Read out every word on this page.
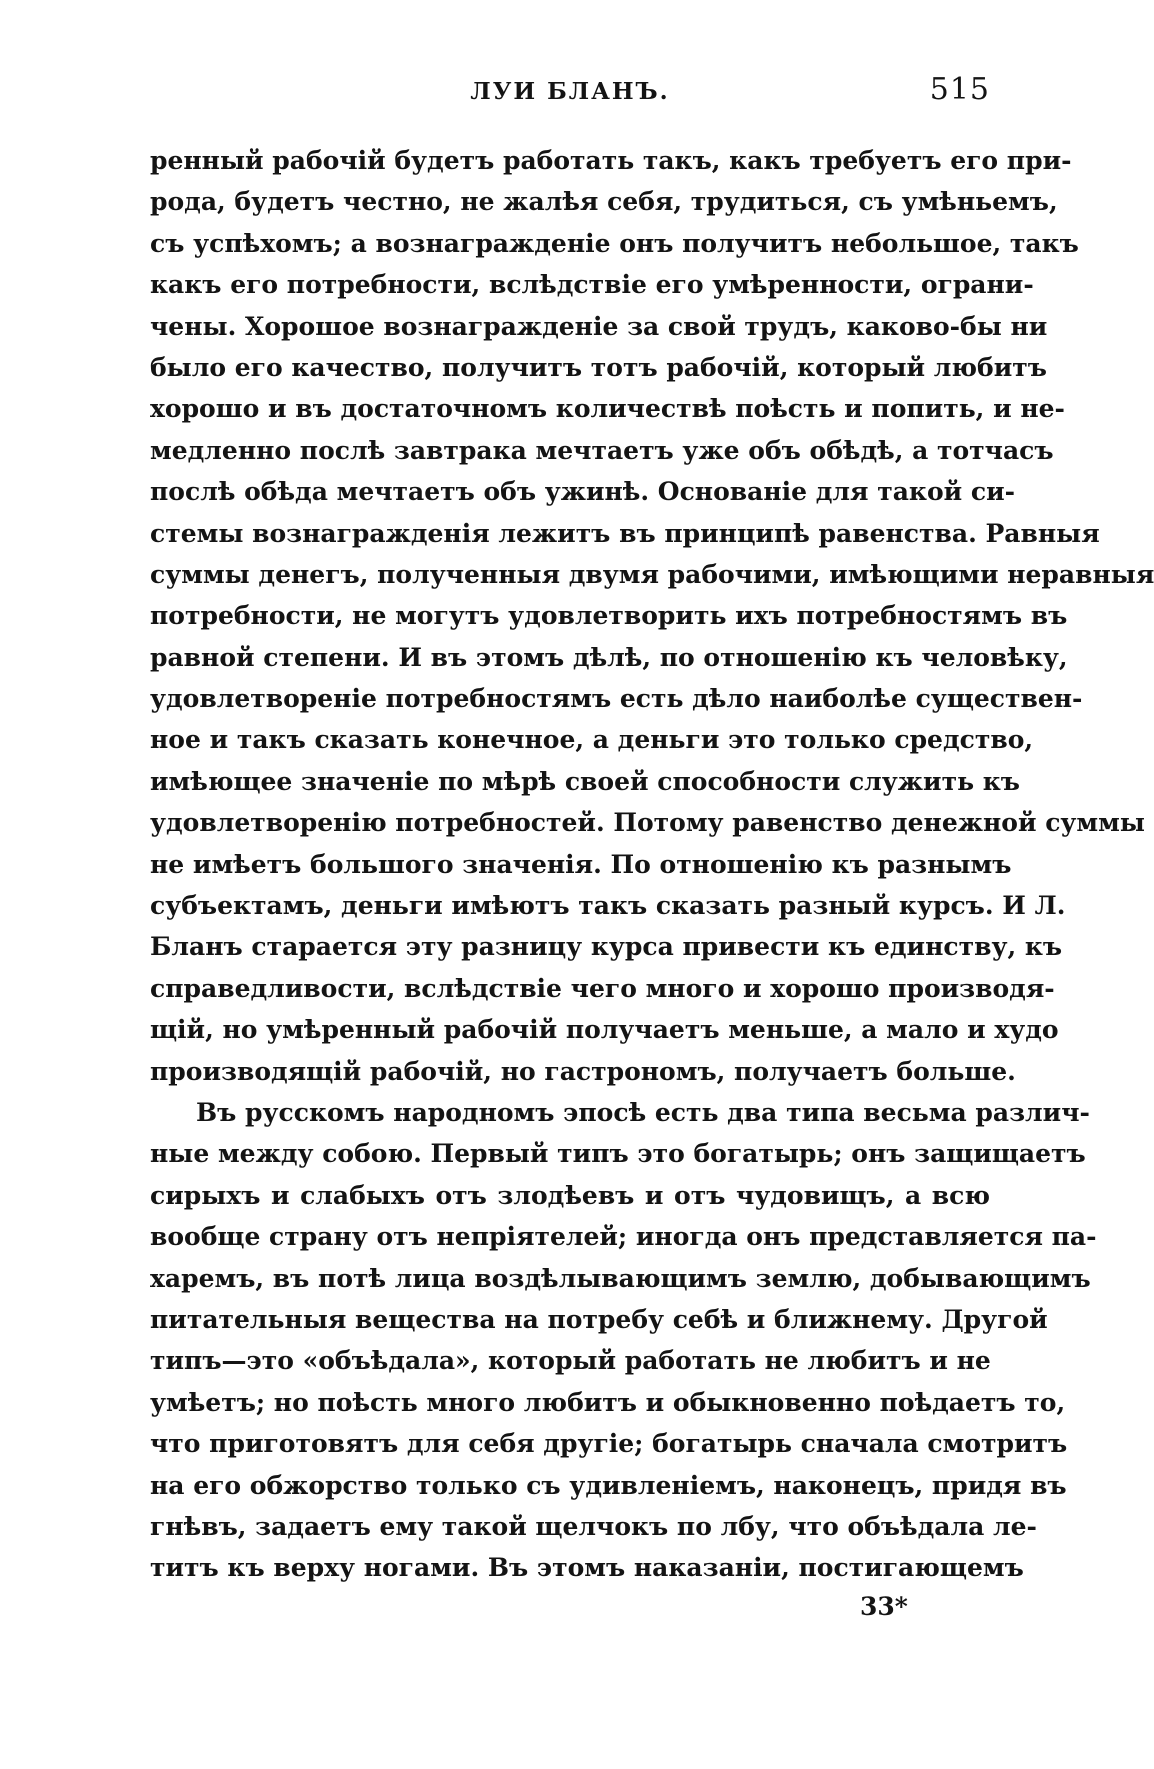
ЛУИ БЛАНЪ.	515
ренный рабочій будетъ работать такъ, какъ требуетъ его при-
рода, будетъ честно, не жалѣя себя, трудиться, съ умѣньемъ,
съ успѣхомъ; а вознагражденіе онъ получитъ небольшое, такъ
какъ его потребности, вслѣдствіе его умѣренности, ограни-
чены. Хорошое вознагражденіе за свой трудъ, каково-бы ни
было его качество, получитъ тотъ рабочій, который любитъ
хорошо и въ достаточномъ количествѣ поѣсть и попить, и не-
медленно послѣ завтрака мечтаетъ уже объ обѣдѣ, а тотчасъ
послѣ обѣда мечтаетъ объ ужинѣ. Основаніе для такой си-
стемы вознагражденія лежитъ въ принципѣ равенства. Равныя
суммы денегъ, полученныя двумя рабочими, имѣющими неравныя
потребности, не могутъ удовлетворить ихъ потребностямъ въ
равной степени. И въ этомъ дѣлѣ, по отношенію къ человѣку,
удовлетвореніе потребностямъ есть дѣло наиболѣе существен-
ное и такъ сказать конечное, а деньги это только средство,
имѣющее значеніе по мѣрѣ своей способности служить къ
удовлетворенію потребностей. Потому равенство денежной суммы
не имѣетъ большого значенія. По отношенію къ разнымъ
субъектамъ, деньги имѣютъ такъ сказать разный курсъ. И Л.
Бланъ старается эту разницу курса привести къ единству, къ
справедливости, вслѣдствіе чего много и хорошо производя-
щій, но умѣренный рабочій получаетъ меньше, а мало и худо
производящій рабочій, но гастрономъ, получаетъ больше.
Въ русскомъ народномъ эпосѣ есть два типа весьма различ-
ные между собою. Первый типъ это богатырь; онъ защищаетъ
сирыхъ и слабыхъ отъ злодѣевъ и отъ чудовищъ, а всю
вообще страну отъ непріятелей; иногда онъ представляется па-
харемъ, въ потѣ лица воздѣлывающимъ землю, добывающимъ
питательныя вещества на потребу себѣ и ближнему. Другой
типъ—это «объѣдала», который работать не любитъ и не
умѣетъ; но поѣсть много любитъ и обыкновенно поѣдаетъ то,
что приготовятъ для себя другіе; богатырь сначала смотритъ
на его обжорство только съ удивленіемъ, наконецъ, придя въ
гнѣвъ, задаетъ ему такой щелчокъ по лбу, что объѣдала ле-
титъ къ верху ногами. Въ этомъ наказаніи, постигающемъ
33*
